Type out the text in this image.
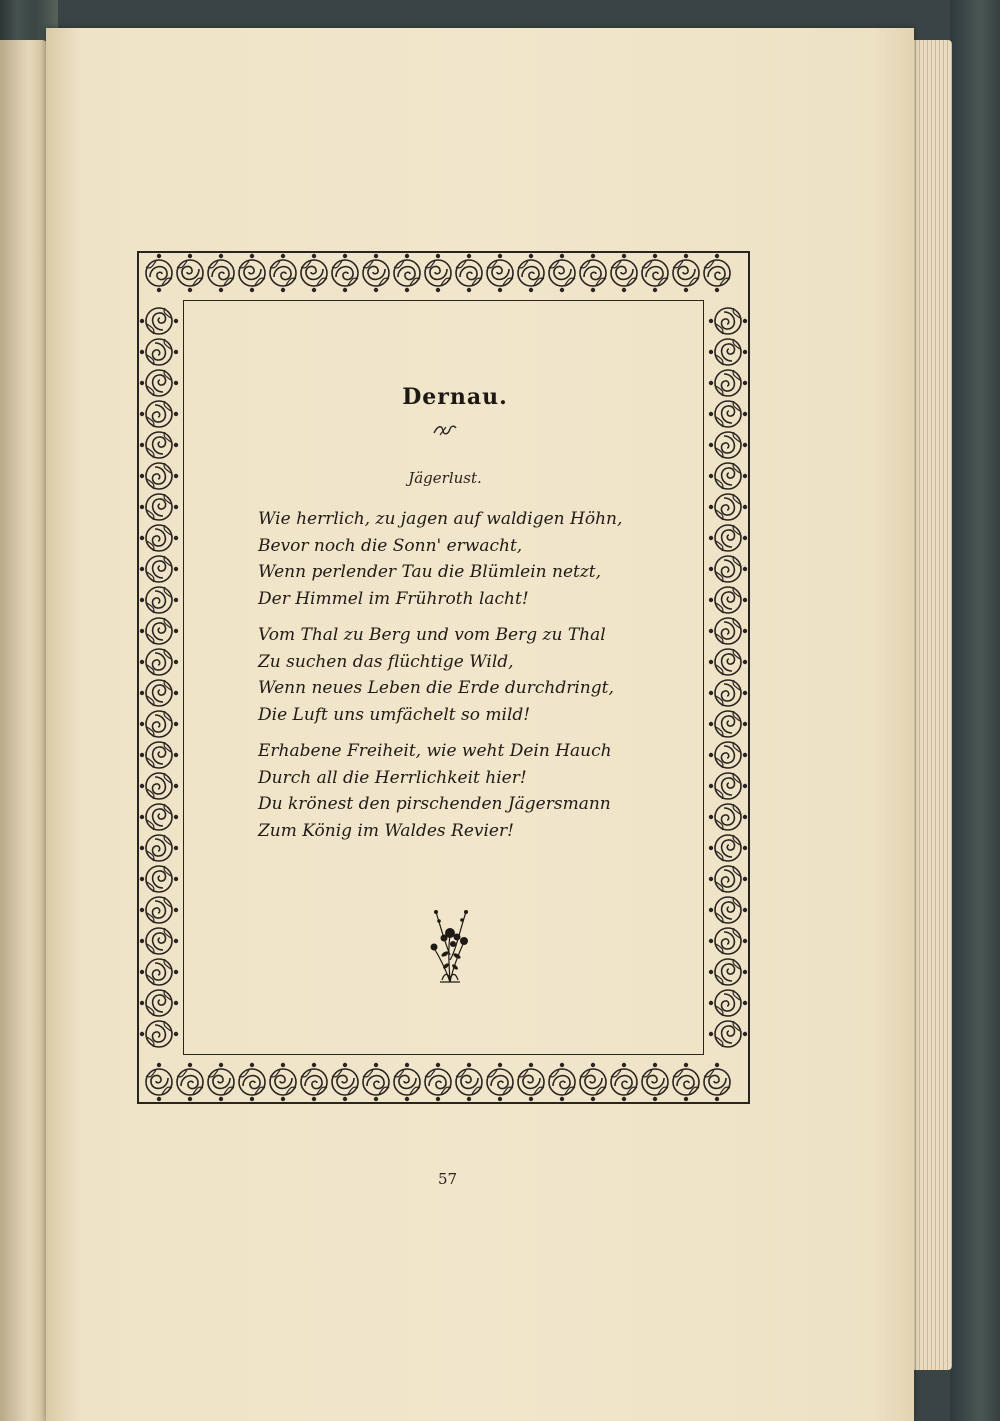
Dernau.
Jägerlust.
Wie herrlich, zu jagen auf waldigen Höhn,
Bevor noch die Sonn' erwacht,
Wenn perlender Tau die Blümlein netzt,
Der Himmel im Frühroth lacht!
Vom Thal zu Berg und vom Berg zu Thal
Zu suchen das flüchtige Wild,
Wenn neues Leben die Erde durchdringt,
Die Luft uns umfächelt so mild!
Erhabene Freiheit, wie weht Dein Hauch
Durch all die Herrlichkeit hier!
Du krönest den pirschenden Jägersmann
Zum König im Waldes Revier!
57
